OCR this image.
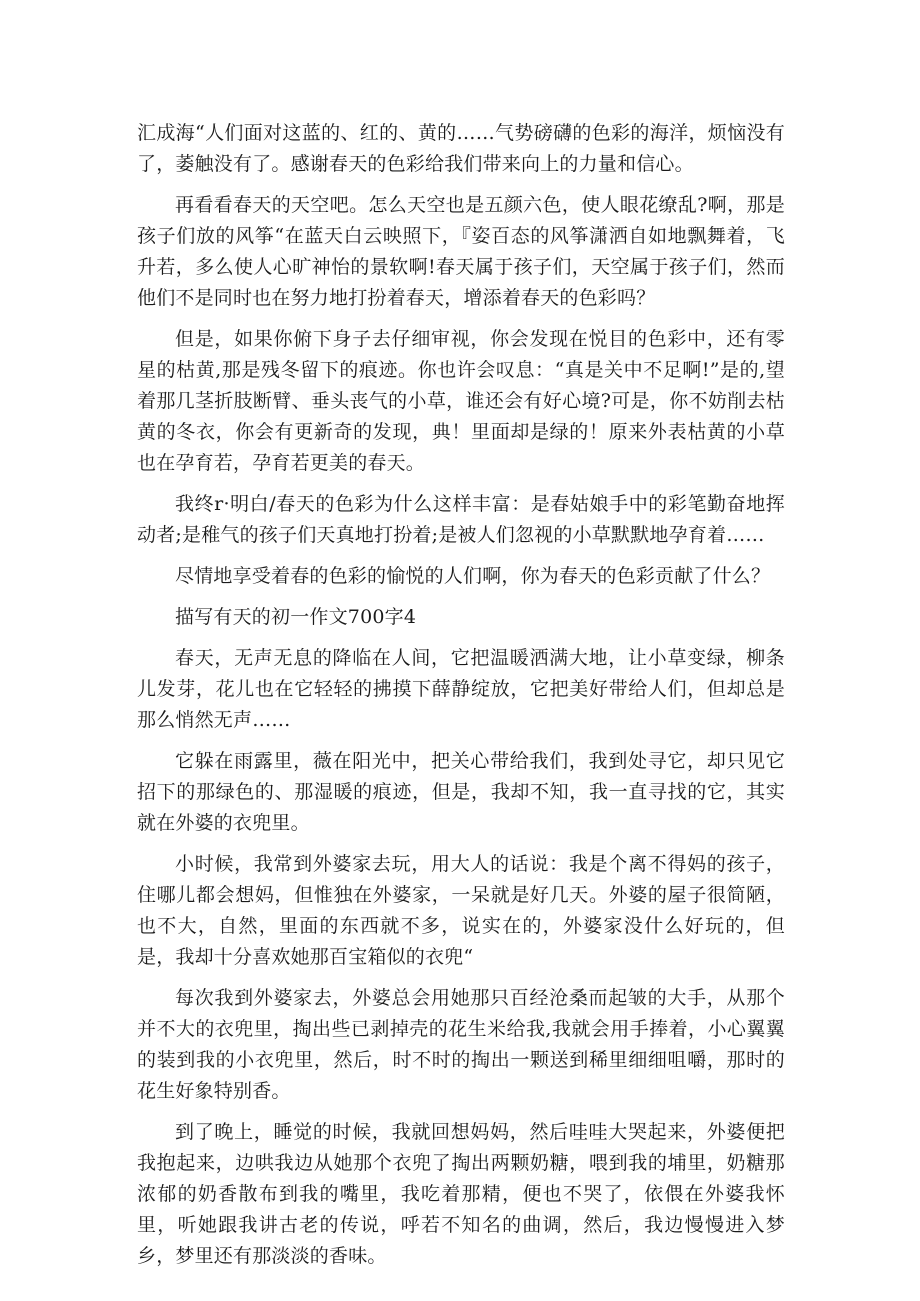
汇成海“人们面对这蓝的、红的、黄的……气势磅礴的色彩的海洋，烦恼没有了，萎触没有了。感谢春天的色彩给我们带来向上的力量和信心。

再看看春天的天空吧。怎么天空也是五颜六色，使人眼花缭乱?啊，那是孩子们放的风筝“在蓝天白云映照下，『姿百态的风筝潇洒自如地飘舞着，飞升若，多么使人心旷神怡的景软啊!春天属于孩子们，天空属于孩子们，然而他们不是同时也在努力地打扮着春天，增添着春天的色彩吗？

但是，如果你俯下身子去仔细审视，你会发现在悦目的色彩中，还有零星的枯黄,那是残冬留下的痕迹。你也许会叹息：“真是关中不足啊!”是的,望着那几茎折肢断臂、垂头丧气的小草，谁还会有好心境?可是，你不妨削去枯黄的冬衣，你会有更新奇的发现，典！里面却是绿的！原来外表枯黄的小草也在孕育若，孕育若更美的春天。

我终r·明白/春天的色彩为什么这样丰富：是春姑娘手中的彩笔勤奋地挥动者;是稚气的孩子们天真地打扮着;是被人们忽视的小草默默地孕育着……

尽情地享受着春的色彩的愉悦的人们啊，你为春天的色彩贡献了什么？

描写有天的初一作文700字4

春天，无声无息的降临在人间，它把温暖洒满大地，让小草变绿，柳条儿发芽，花儿也在它轻轻的拂摸下薛静绽放，它把美好带给人们，但却总是那么悄然无声……

它躲在雨露里，薇在阳光中，把关心带给我们，我到处寻它，却只见它招下的那绿色的、那湿暖的痕迹，但是，我却不知，我一直寻找的它，其实就在外婆的衣兜里。

小时候，我常到外婆家去玩，用大人的话说：我是个离不得妈的孩子，住哪儿都会想妈，但惟独在外婆家，一呆就是好几天。外婆的屋子很简陋，也不大，自然，里面的东西就不多，说实在的，外婆家没什么好玩的，但是，我却十分喜欢她那百宝箱似的衣兜“

每次我到外婆家去，外婆总会用她那只百经沧桑而起皱的大手，从那个并不大的衣兜里，掏出些已剥掉壳的花生米给我,我就会用手捧着，小心翼翼的装到我的小衣兜里，然后，时不时的掏出一颗送到稀里细细咀嚼，那时的花生好象特别香。

到了晚上，睡觉的时候，我就回想妈妈，然后哇哇大哭起来，外婆便把我抱起来，边哄我边从她那个衣兜了掏出两颗奶糖，喂到我的埔里，奶糖那浓郁的奶香散布到我的嘴里，我吃着那精，便也不哭了，依偎在外婆我怀里，听她跟我讲古老的传说，呼若不知名的曲调，然后，我边慢慢进入梦乡，梦里还有那淡淡的香味。
